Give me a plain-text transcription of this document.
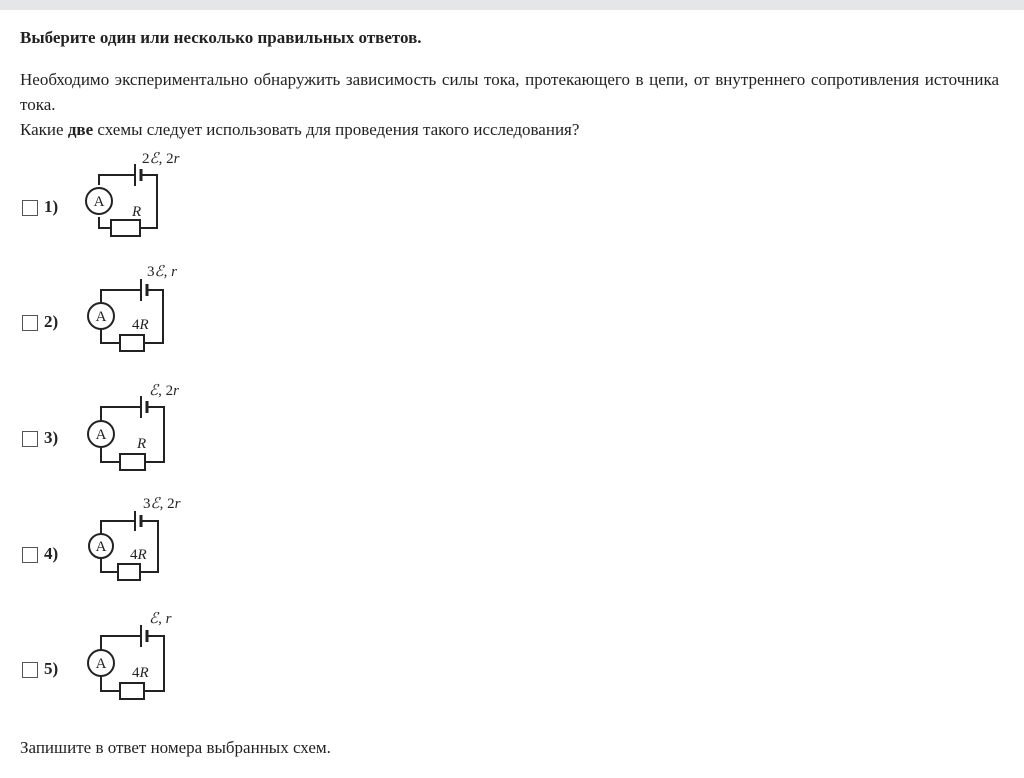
Выберите один или несколько правильных ответов.

Необходимо экспериментально обнаружить зависимость силы тока, протекающего в цепи, от внутреннего сопротивления источника тока.
Какие две схемы следует использовать для проведения такого исследования?

1) A
2ℰ, 2r
R
2) A
3ℰ, r
4R
3) A
ℰ, 2r
R
4) A
3ℰ, 2r
4R
5) A
ℰ, r
4R
Запишите в ответ номера выбранных схем.
